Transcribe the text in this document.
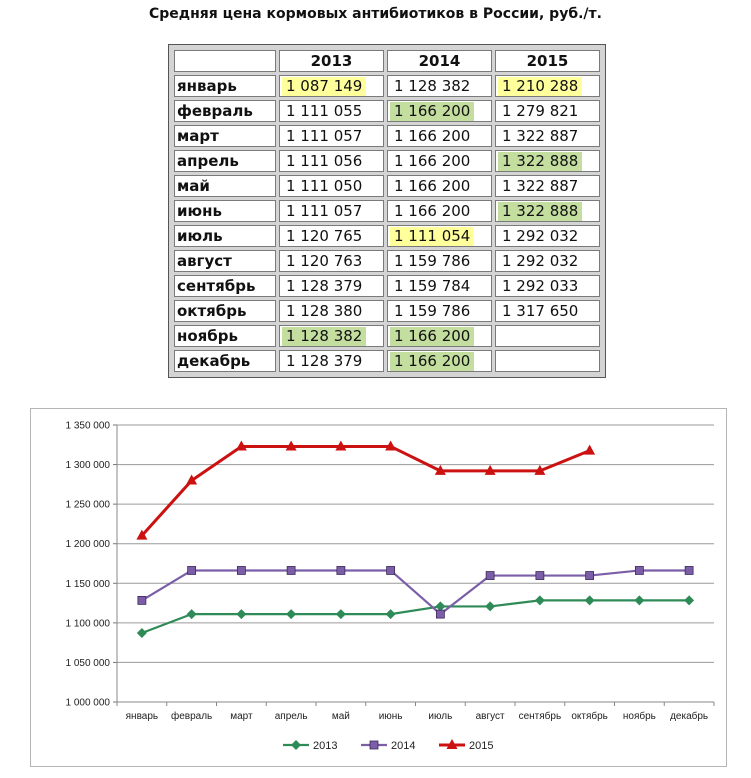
Средняя цена кормовых антибиотиков в России, руб./т.
	2013	2014	2015
январь	1 087 149	1 128 382	1 210 288
февраль	1 111 055	1 166 200	1 279 821
март	1 111 057	1 166 200	1 322 887
апрель	1 111 056	1 166 200	1 322 888
май	1 111 050	1 166 200	1 322 887
июнь	1 111 057	1 166 200	1 322 888
июль	1 120 765	1 111 054	1 292 032
август	1 120 763	1 159 786	1 292 032
сентябрь	1 128 379	1 159 784	1 292 033
октябрь	1 128 380	1 159 786	1 317 650
ноябрь	1 128 382	1 166 200	
декабрь	1 128 379	1 166 200	
1 000 000
1 050 000
1 100 000
1 150 000
1 200 000
1 250 000
1 300 000
1 350 000
январь февраль март апрель май	июнь	июль август сентябрь октябрь ноябрь декабрь
2013	2014	2015
